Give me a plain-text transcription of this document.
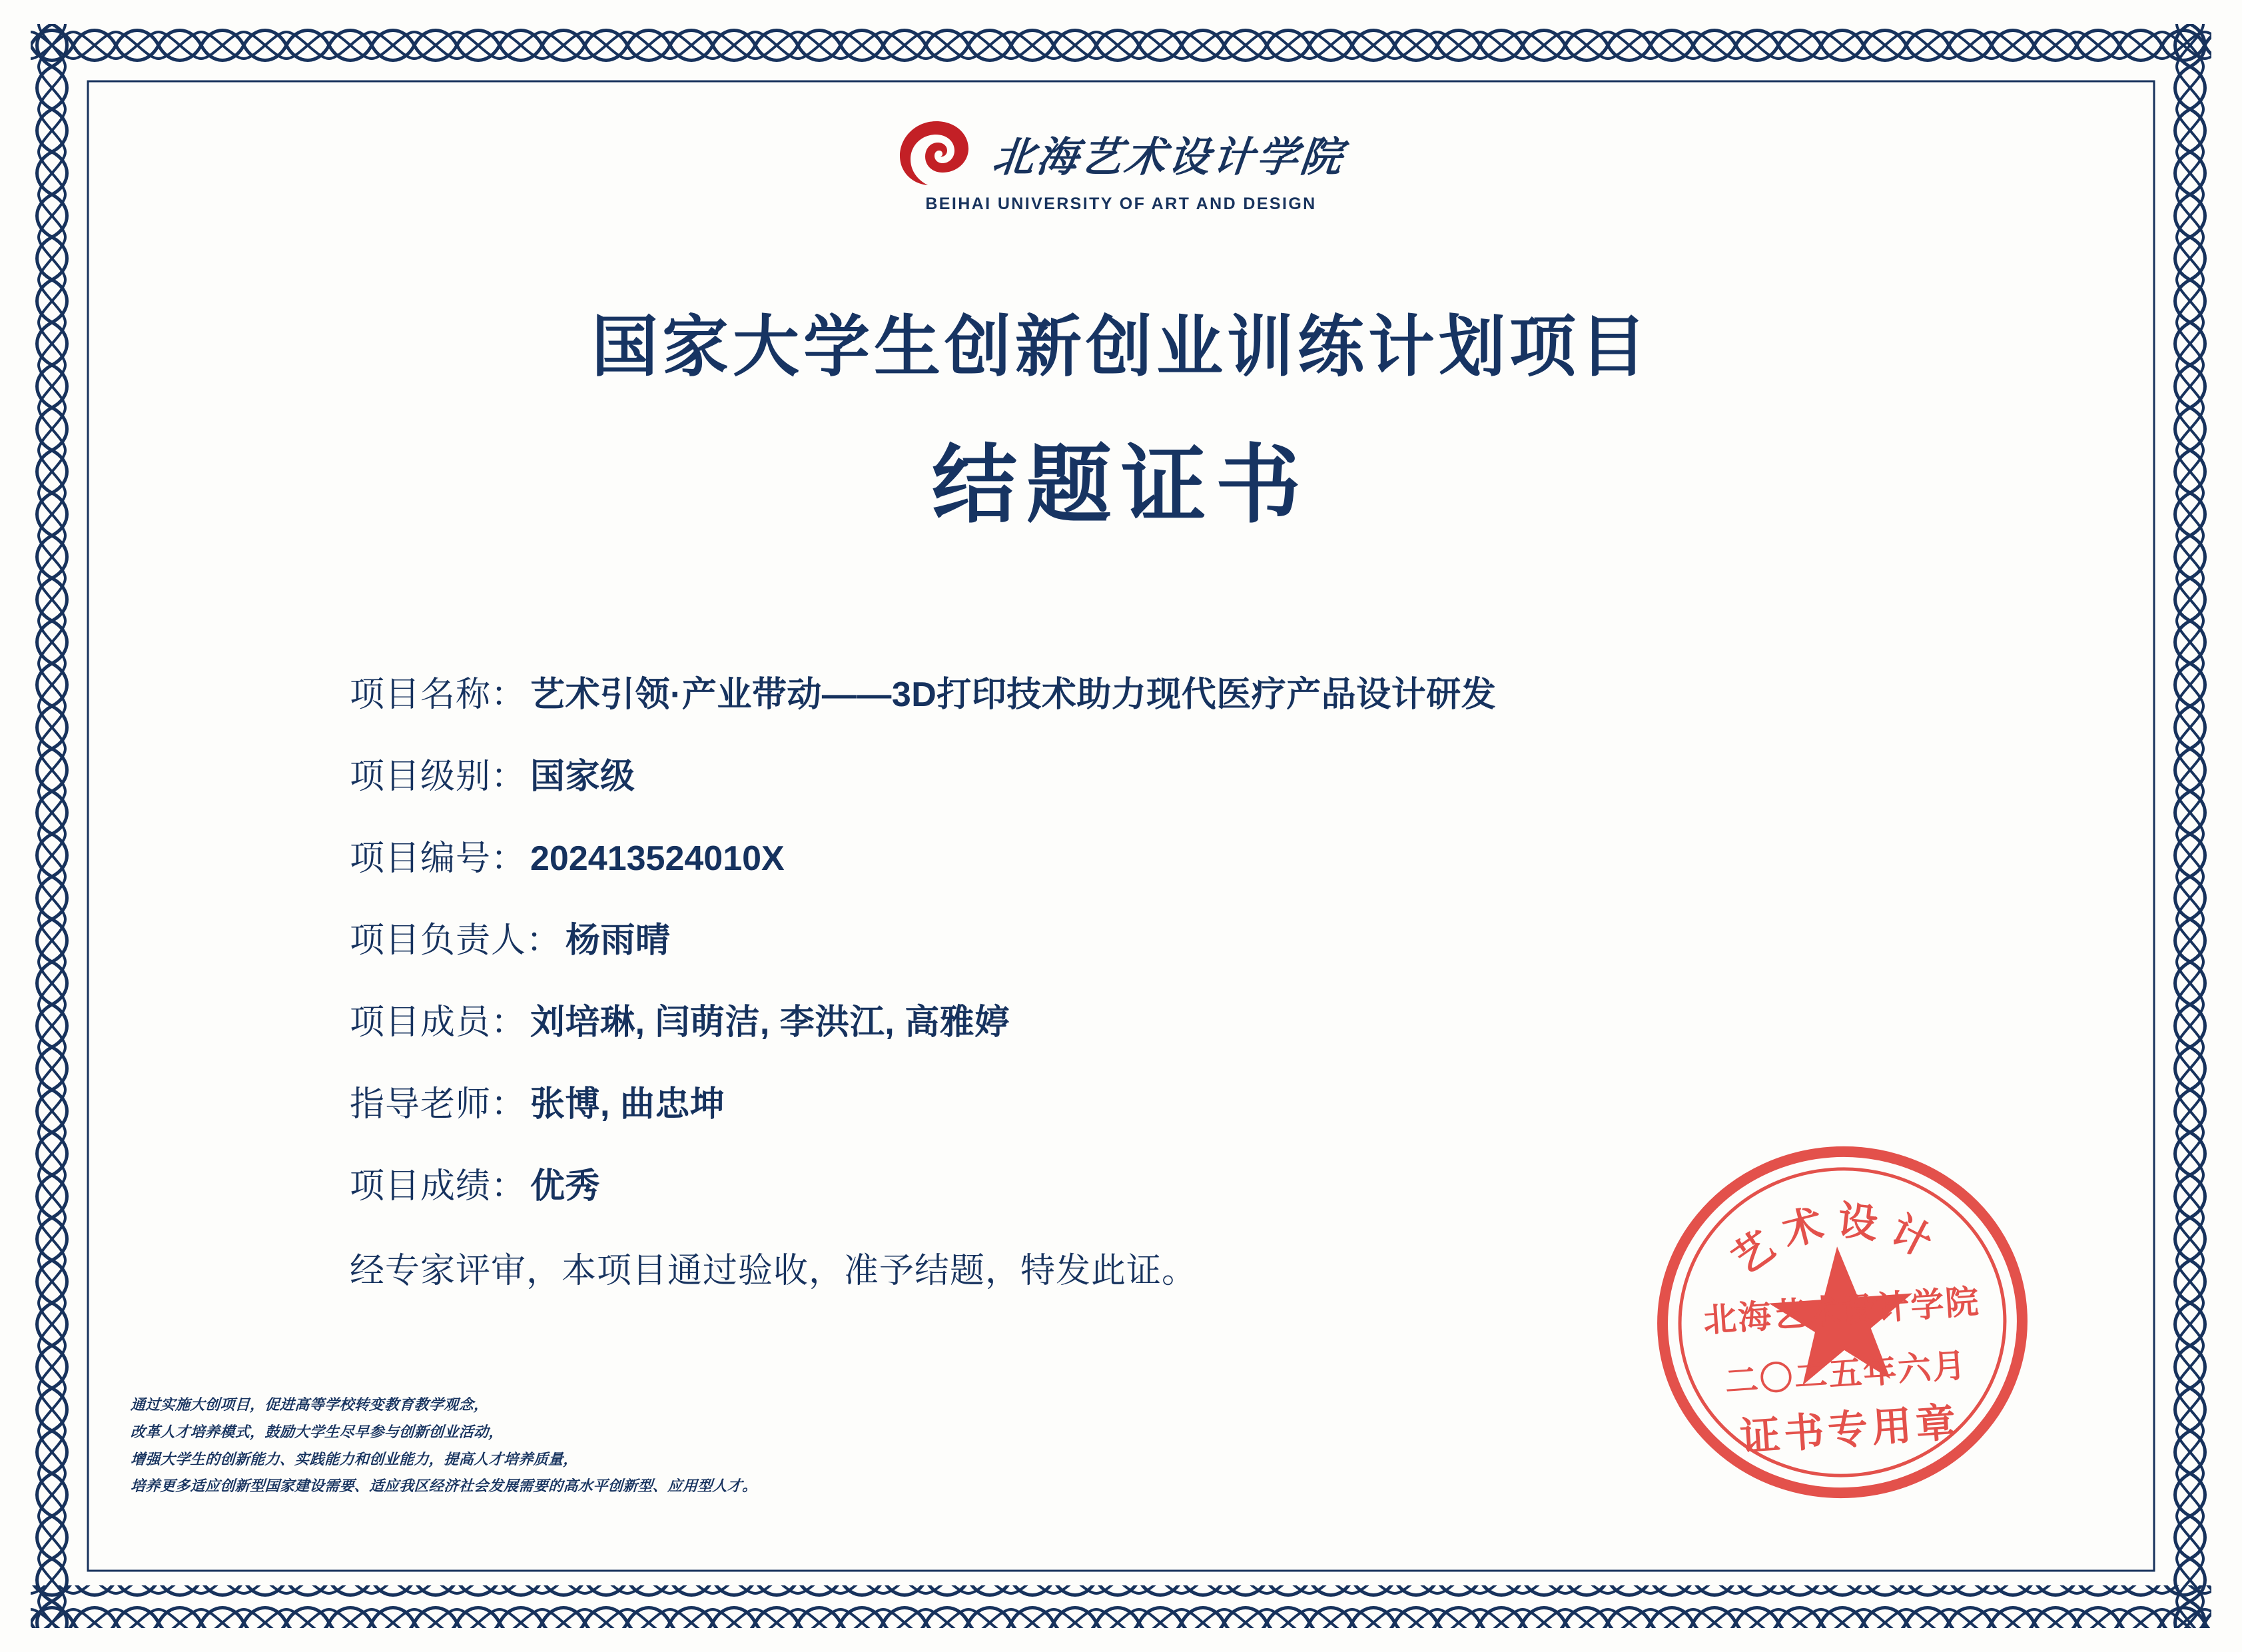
北海艺术设计学院
BEIHAI UNIVERSITY OF ART AND DESIGN
国家大学生创新创业训练计划项目
结题证书
项目名称： 艺术引领·产业带动——3D打印技术助力现代医疗产品设计研发
项目级别： 国家级
项目编号： 202413524010X
项目负责人： 杨雨晴
项目成员： 刘培琳, 闫萌洁, 李洪江, 高雅婷
指导老师： 张博, 曲忠坤
项目成绩： 优秀
经专家评审，本项目通过验收，准予结题，特发此证。
通过实施大创项目，促进高等学校转变教育教学观念，
改革人才培养模式，鼓励大学生尽早参与创新创业活动，
增强大学生的创新能力、实践能力和创业能力，提高人才培养质量，
培养更多适应创新型国家建设需要、适应我区经济社会发展需要的高水平创新型、应用型人才。
艺术设计
北海艺术设计学院
二〇二五年六月
证书专用章
